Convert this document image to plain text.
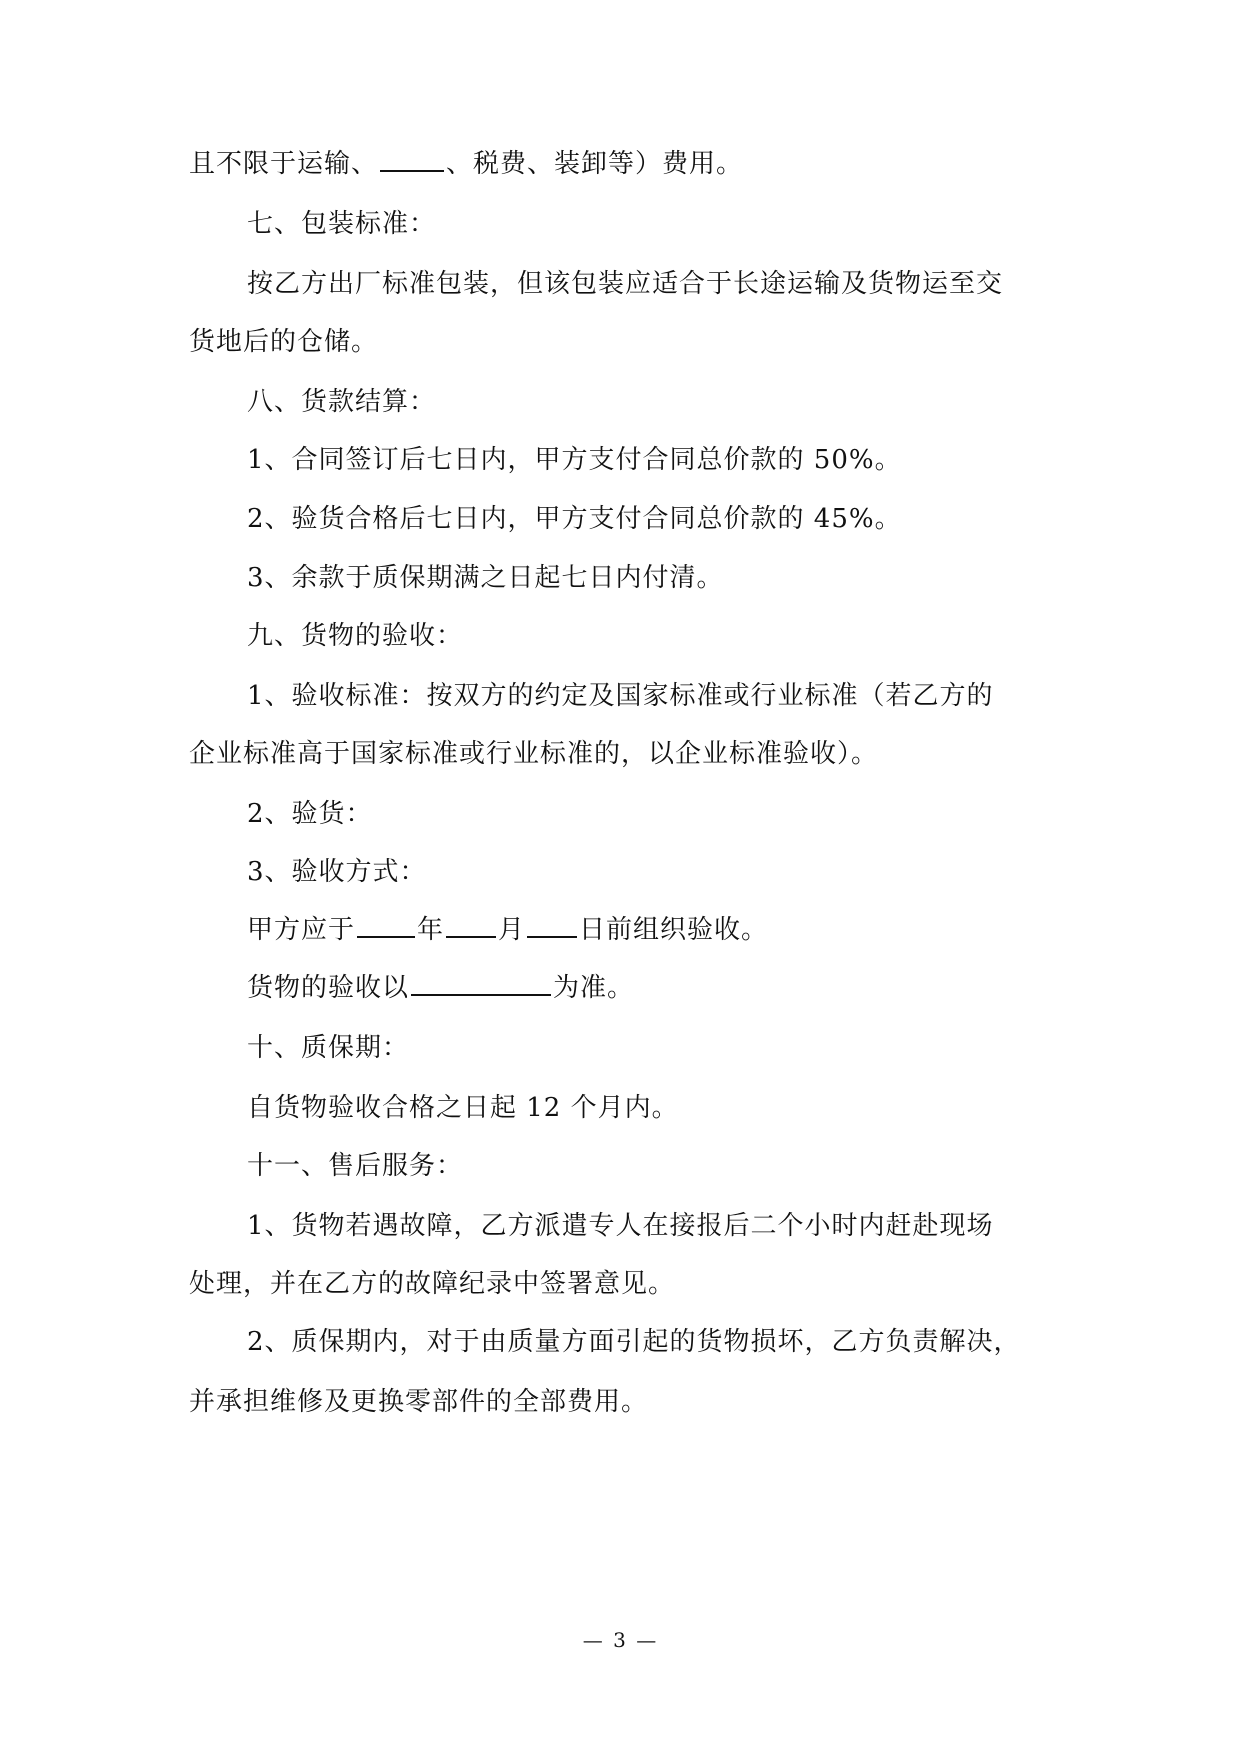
且不限于运输、	、税费、装卸等）费用。
七、包装标准：
按乙方出厂标准包装，但该包装应适合于长途运输及货物运至交
货地后的仓储。
八、货款结算：
1、合同签订后七日内，甲方支付合同总价款的 50%。
2、验货合格后七日内，甲方支付合同总价款的 45%。
3、余款于质保期满之日起七日内付清。
九、货物的验收：
1、验收标准：按双方的约定及国家标准或行业标准（若乙方的
企业标准高于国家标准或行业标准的，以企业标准验收）。
2、验货：
3、验收方式：
甲方应于 年 月 日前组织验收。
货物的验收以	为准。
十、质保期：
自货物验收合格之日起 12 个月内。
十一、售后服务：
1、货物若遇故障，乙方派遣专人在接报后二个小时内赶赴现场
处理，并在乙方的故障纪录中签署意见。
2、质保期内，对于由质量方面引起的货物损坏，乙方负责解决，
并承担维修及更换零部件的全部费用。
— 3 —
